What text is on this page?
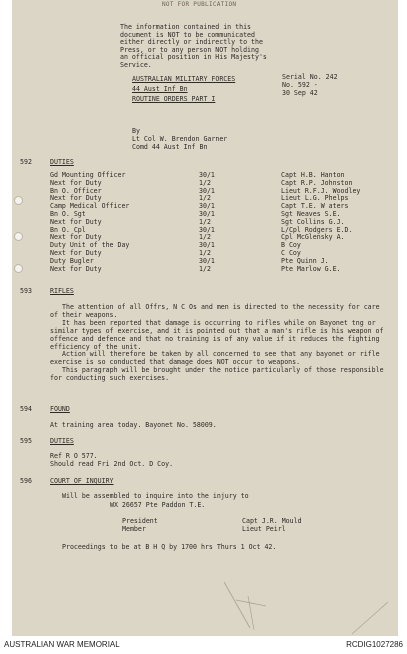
NOT FOR PUBLICATION
The information contained in this
document is NOT to be communicated
either directly or indirectly to the
Press, or to any person NOT holding
an official position in His Majesty's
Service.
AUSTRALIAN MILITARY FORCES
44 Aust Inf Bn
ROUTINE ORDERS PART I
Serial No. 242
No. 592 -
30 Sep 42
By
Lt Col W. Brendon Garner
Comd 44 Aust Inf Bn
592	DUTIES
Gd Mounting Officer	30/1	Capt H.B. Hanton
Next for Duty	1/2	Capt R.P. Johnston
Bn O. Officer	30/1	Lieut R.F.J. Woodley
Next for Duty	1/2	Lieut L.G. Phelps
Camp Medical Officer	30/1	Capt T.E. W aters
Bn O. Sgt	30/1	Sgt Neaves S.E.
Next for Duty	1/2	Sgt Collins G.J.
Bn O. Cpl	30/1	L/Cpl Rodgers E.D.
Next for Duty	1/2	Cpl McGlensky A.
Duty Unit of the Day	30/1	B Coy
Next for Duty	1/2	C Coy
Duty Bugler	30/1	Pte Quinn J.
Next for Duty	1/2	Pte Marlow G.E.
593	RIFLES

The attention of all Offrs, N C Os and men is directed to the necessity for care of their weapons.

It has been reported that damage is occurring to rifles while on Bayonet tng or similar types of exercise, and it is pointed out that a man's rifle is his weapon of offence and defence and that no training is of any value if it reduces the fighting efficiency of the unit.

Action will therefore be taken by all concerned to see that any bayonet or rifle exercise is so conducted that damage does NOT occur to weapons.

This paragraph will be brought under the notice particularly of those responsible for conducting such exercises.

594	FOUND
At training area today. Bayonet No. 58009.
595	DUTIES
Ref R O 577.
Should read Fri 2nd Oct. D Coy.
596	COURT OF INQUIRY
Will be assembled to inquire into the injury to
WX 26657 Pte Paddon T.E.
President	Capt J.R. Mould
Member	Lieut Peirl
Proceedings to be at B H Q by 1700 hrs Thurs 1 Oct 42.
AUSTRALIAN WAR MEMORIAL	RCDIG1027286
